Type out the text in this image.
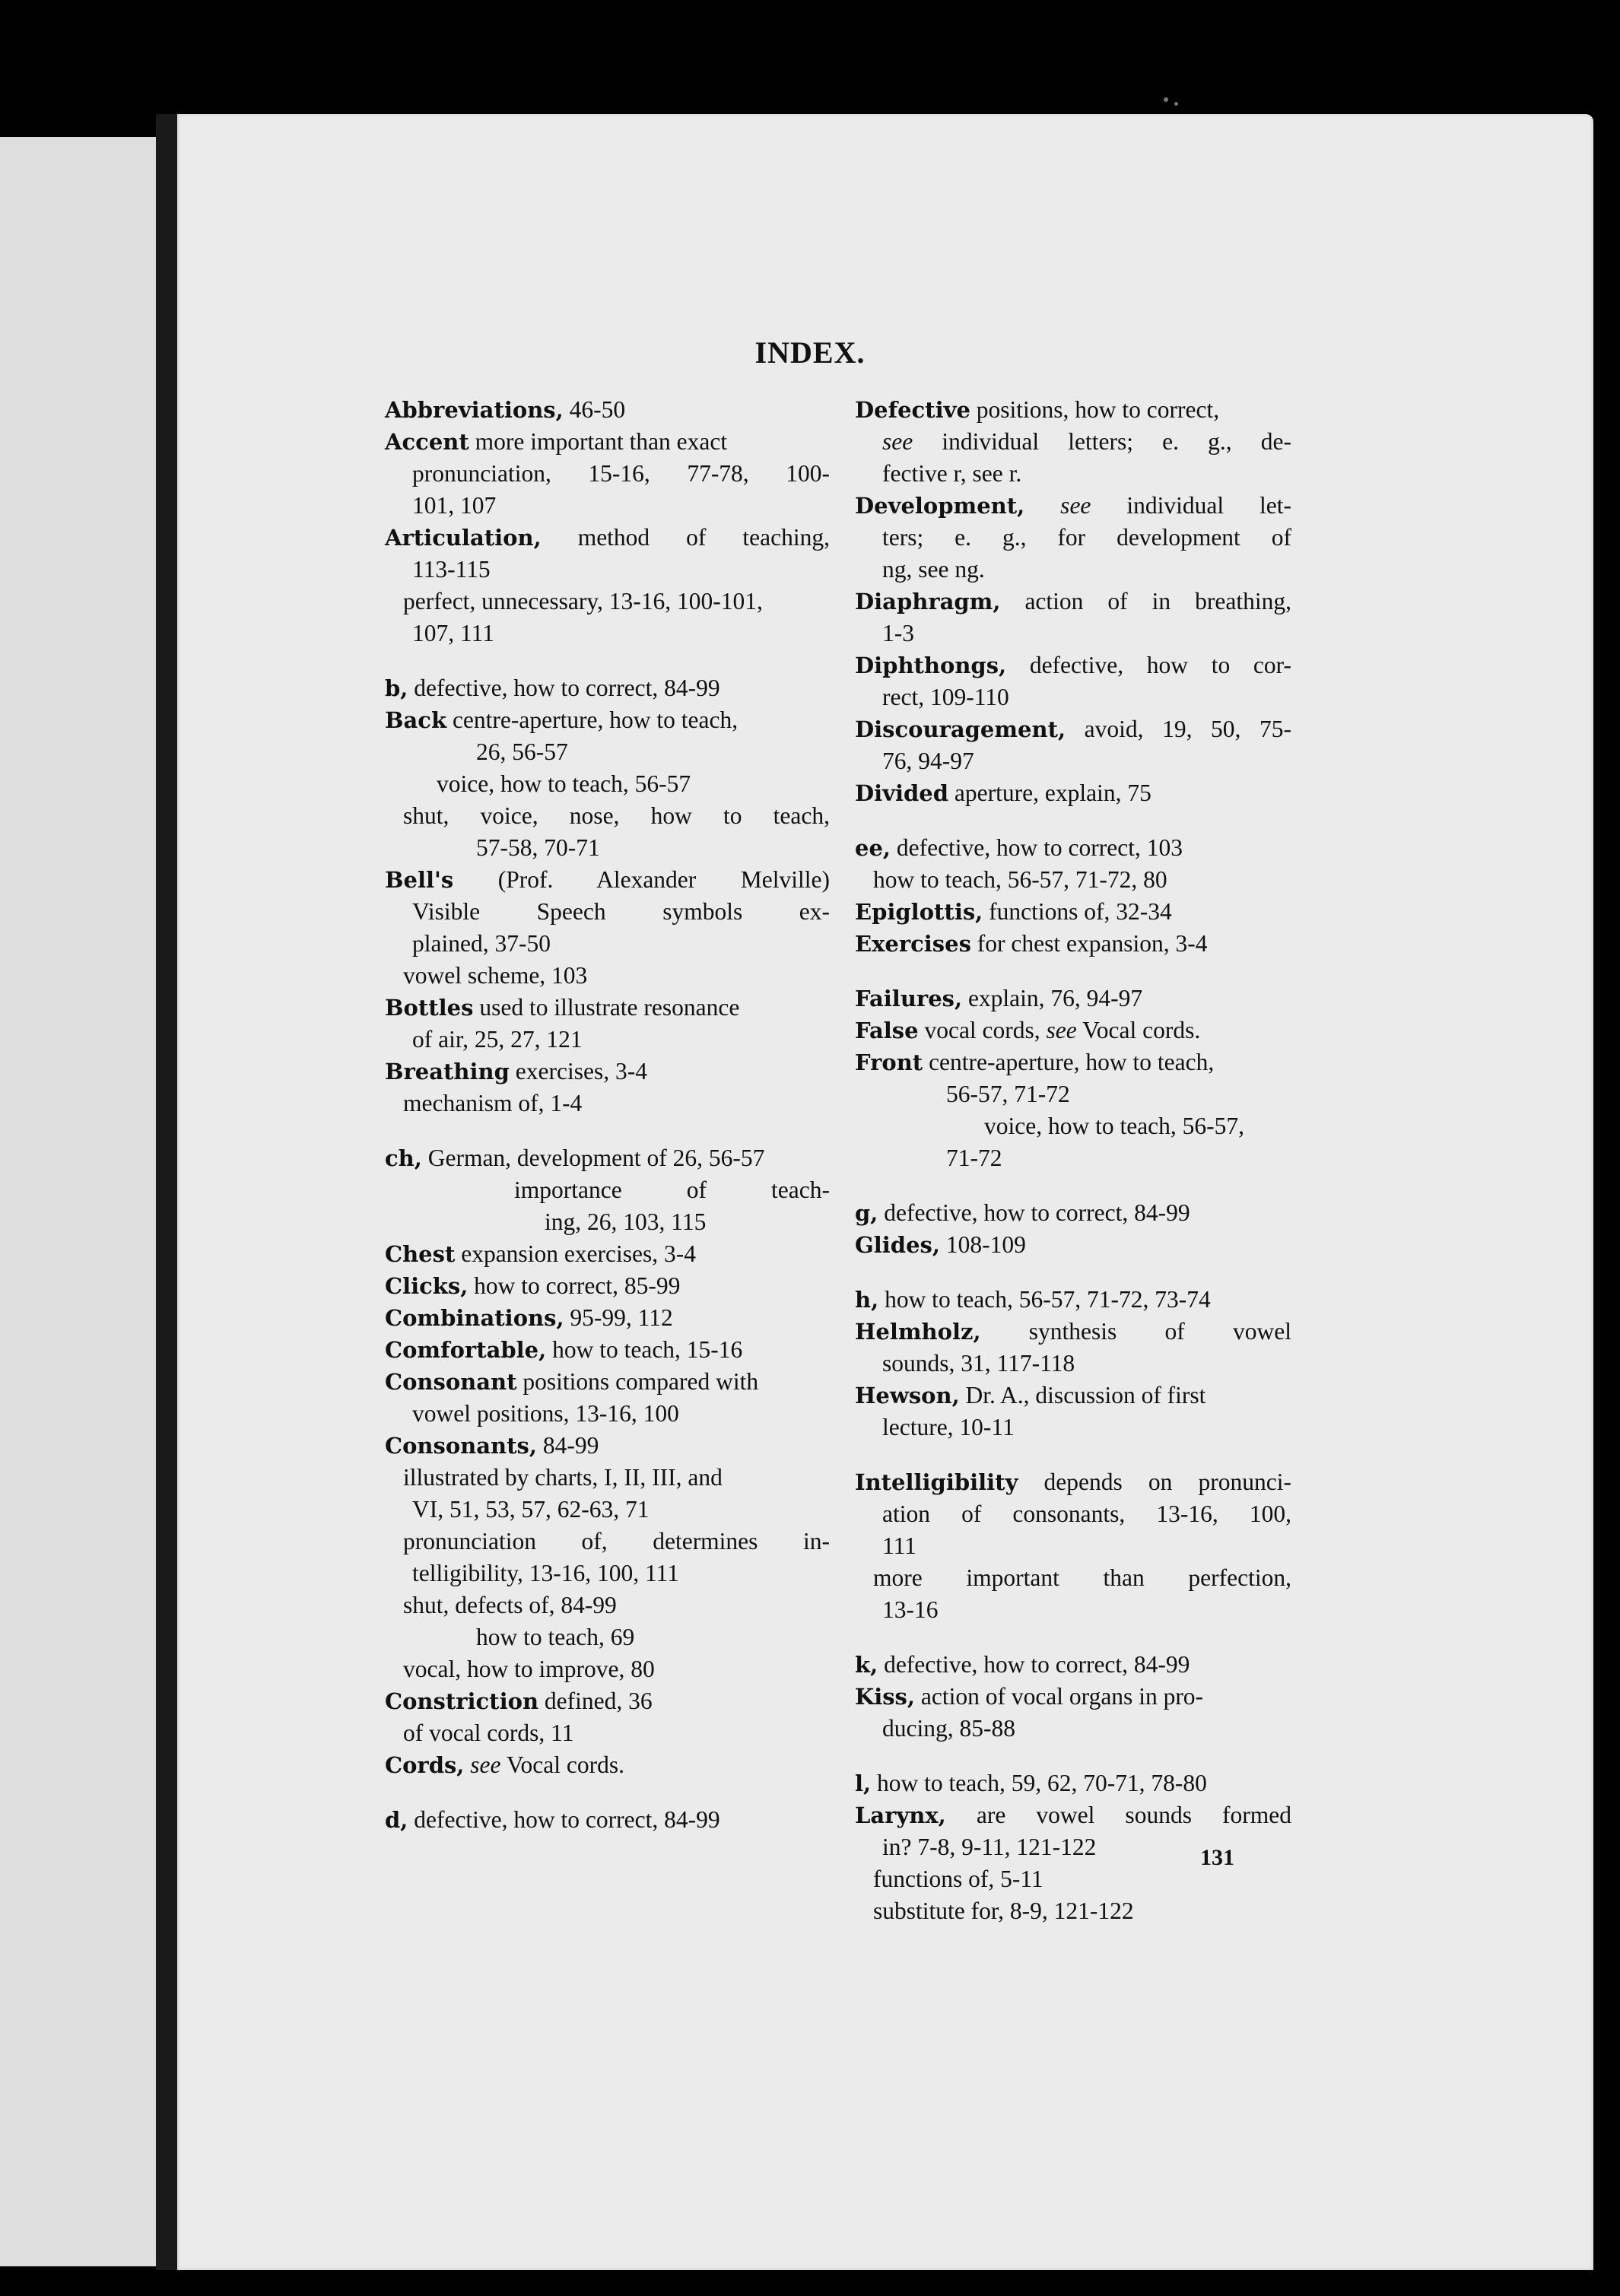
INDEX.
Abbreviations, 46-50
Accent more important than exact
pronunciation, 15-16, 77-78, 100-
101, 107
Articulation, method of teaching,
113-115
perfect, unnecessary, 13-16, 100-101,
107, 111
b, defective, how to correct, 84-99
Back centre-aperture, how to teach,
26, 56-57
voice, how to teach, 56-57
shut, voice, nose, how to teach,
57-58, 70-71
Bell's (Prof. Alexander Melville)
Visible Speech symbols ex-
plained, 37-50
vowel scheme, 103
Bottles used to illustrate resonance
of air, 25, 27, 121
Breathing exercises, 3-4
mechanism of, 1-4
ch, German, development of 26, 56-57
importance of teach-
ing, 26, 103, 115
Chest expansion exercises, 3-4
Clicks, how to correct, 85-99
Combinations, 95-99, 112
Comfortable, how to teach, 15-16
Consonant positions compared with
vowel positions, 13-16, 100
Consonants, 84-99
illustrated by charts, I, II, III, and
VI, 51, 53, 57, 62-63, 71
pronunciation of, determines in-
telligibility, 13-16, 100, 111
shut, defects of, 84-99
how to teach, 69
vocal, how to improve, 80
Constriction defined, 36
of vocal cords, 11
Cords, see Vocal cords.
d, defective, how to correct, 84-99
Defective positions, how to correct,
see individual letters; e. g., de-
fective r, see r.
Development, see individual let-
ters; e. g., for development of
ng, see ng.
Diaphragm, action of in breathing,
1-3
Diphthongs, defective, how to cor-
rect, 109-110
Discouragement, avoid, 19, 50, 75-
76, 94-97
Divided aperture, explain, 75
ee, defective, how to correct, 103
how to teach, 56-57, 71-72, 80
Epiglottis, functions of, 32-34
Exercises for chest expansion, 3-4
Failures, explain, 76, 94-97
False vocal cords, see Vocal cords.
Front centre-aperture, how to teach,
56-57, 71-72
voice, how to teach, 56-57,
71-72
g, defective, how to correct, 84-99
Glides, 108-109
h, how to teach, 56-57, 71-72, 73-74
Helmholz, synthesis of vowel
sounds, 31, 117-118
Hewson, Dr. A., discussion of first
lecture, 10-11
Intelligibility depends on pronunci-
ation of consonants, 13-16, 100,
111
more important than perfection,
13-16
k, defective, how to correct, 84-99
Kiss, action of vocal organs in pro-
ducing, 85-88
l, how to teach, 59, 62, 70-71, 78-80
Larynx, are vowel sounds formed
in? 7-8, 9-11, 121-122
functions of, 5-11
substitute for, 8-9, 121-122
131
